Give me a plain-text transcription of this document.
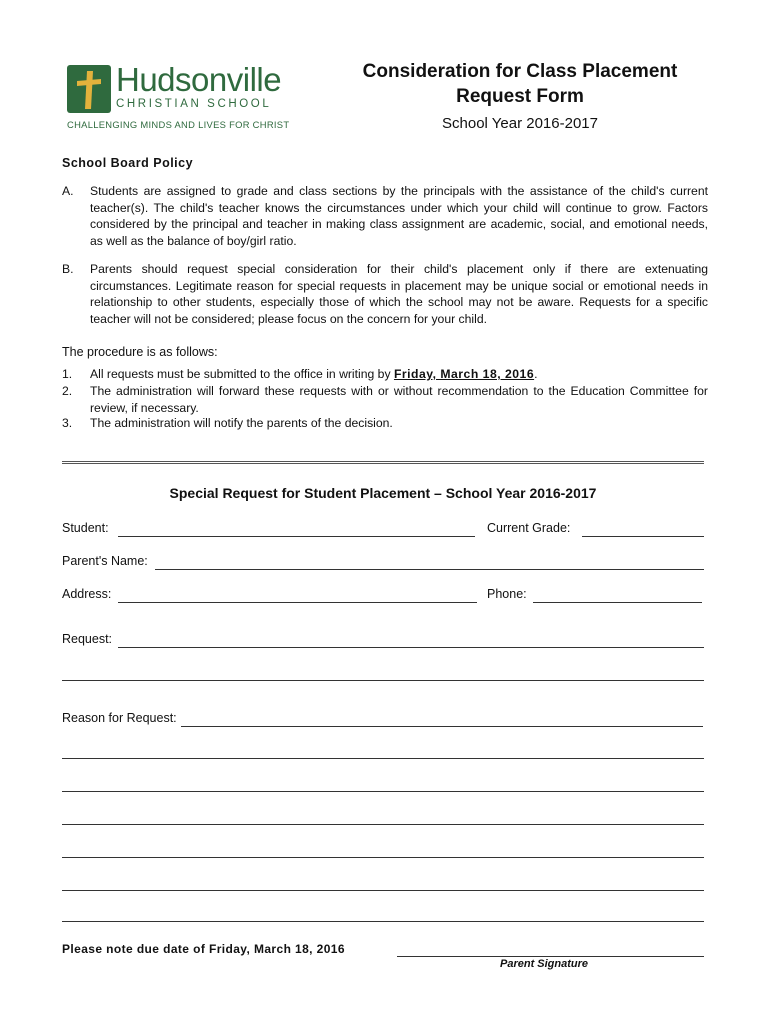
Hudsonville
CHRISTIAN SCHOOL
CHALLENGING MINDS AND LIVES FOR CHRIST
Consideration for Class Placement
Request Form
School Year 2016-2017
School Board Policy
A. Students are assigned to grade and class sections by the principals with the assistance of the child's current teacher(s). The child's teacher knows the circumstances under which your child will continue to grow. Factors considered by the principal and teacher in making class assignment are academic, social, and emotional needs, as well as the balance of boy/girl ratio.
B. Parents should request special consideration for their child's placement only if there are extenuating circumstances. Legitimate reason for special requests in placement may be unique social or emotional needs in relationship to other students, especially those of which the school may not be aware. Requests for a specific teacher will not be considered; please focus on the concern for your child.
The procedure is as follows:
1. All requests must be submitted to the office in writing by Friday, March 18, 2016.
2. The administration will forward these requests with or without recommendation to the Education Committee for review, if necessary.
3. The administration will notify the parents of the decision.
Special Request for Student Placement – School Year 2016-2017
Student:	Current Grade:
Parent's Name:
Address:	Phone:
Request:
Reason for Request:
Please note due date of Friday, March 18, 2016
Parent Signature
